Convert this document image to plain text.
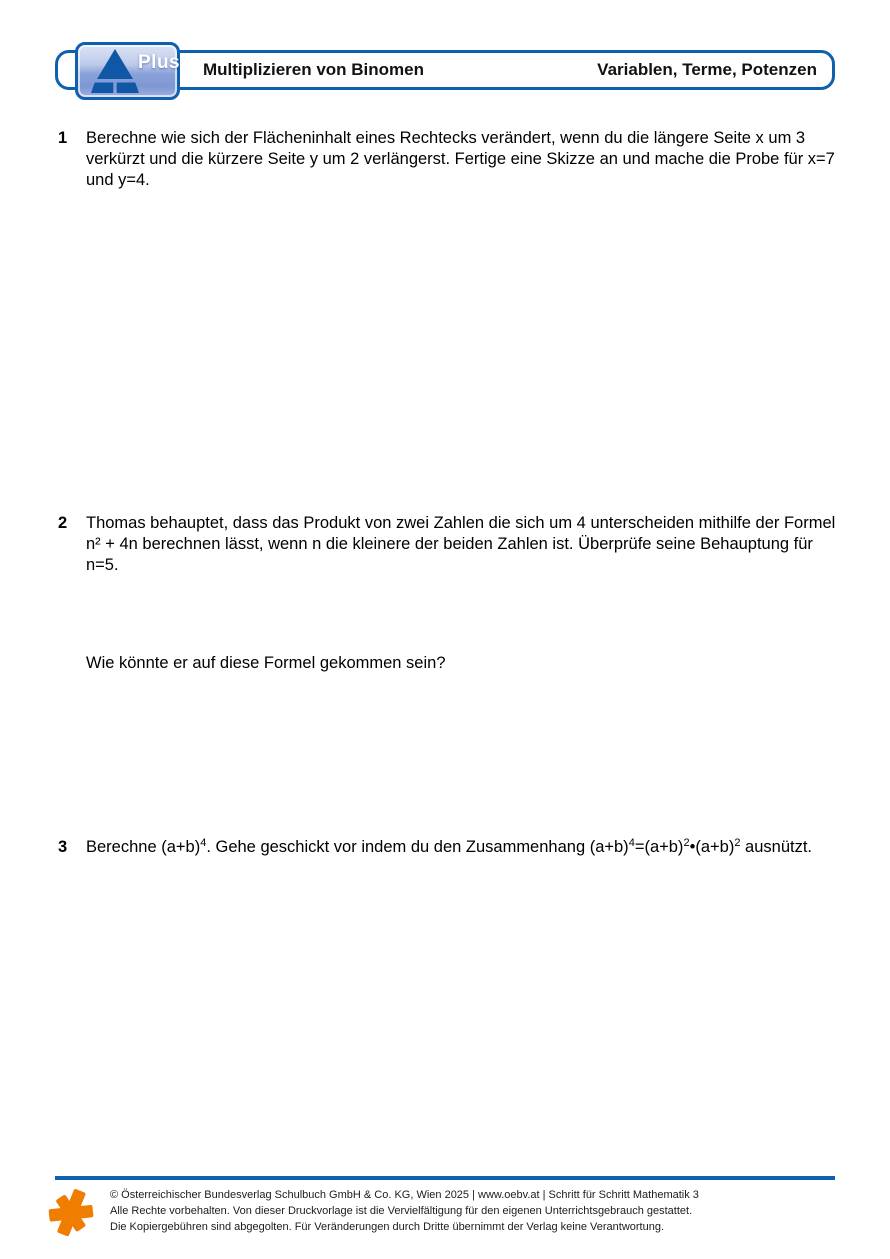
Plus Multiplizieren von Binomen	Variablen, Terme, Potenzen
1	Berechne wie sich der Flächeninhalt eines Rechtecks verändert, wenn du die längere Seite x um 3 verkürzt und die kürzere Seite y um 2 verlängerst. Fertige eine Skizze an und mache die Probe für x=7 und y=4.
2	Thomas behauptet, dass das Produkt von zwei Zahlen die sich um 4 unterscheiden mithilfe der Formel n² + 4n berechnen lässt, wenn n die kleinere der beiden Zahlen ist. Überprüfe seine Behauptung für n=5.
Wie könnte er auf diese Formel gekommen sein?
3	Berechne $(a+b)^4$. Gehe geschickt vor indem du den Zusammenhang $(a+b)^4=(a+b)^2•(a+b)^2$ ausnützt.
© Österreichischer Bundesverlag Schulbuch GmbH & Co. KG, Wien 2025 | www.oebv.at | Schritt für Schritt Mathematik 3
Alle Rechte vorbehalten. Von dieser Druckvorlage ist die Vervielfältigung für den eigenen Unterrichtsgebrauch gestattet.
Die Kopiergebühren sind abgegolten. Für Veränderungen durch Dritte übernimmt der Verlag keine Verantwortung.
